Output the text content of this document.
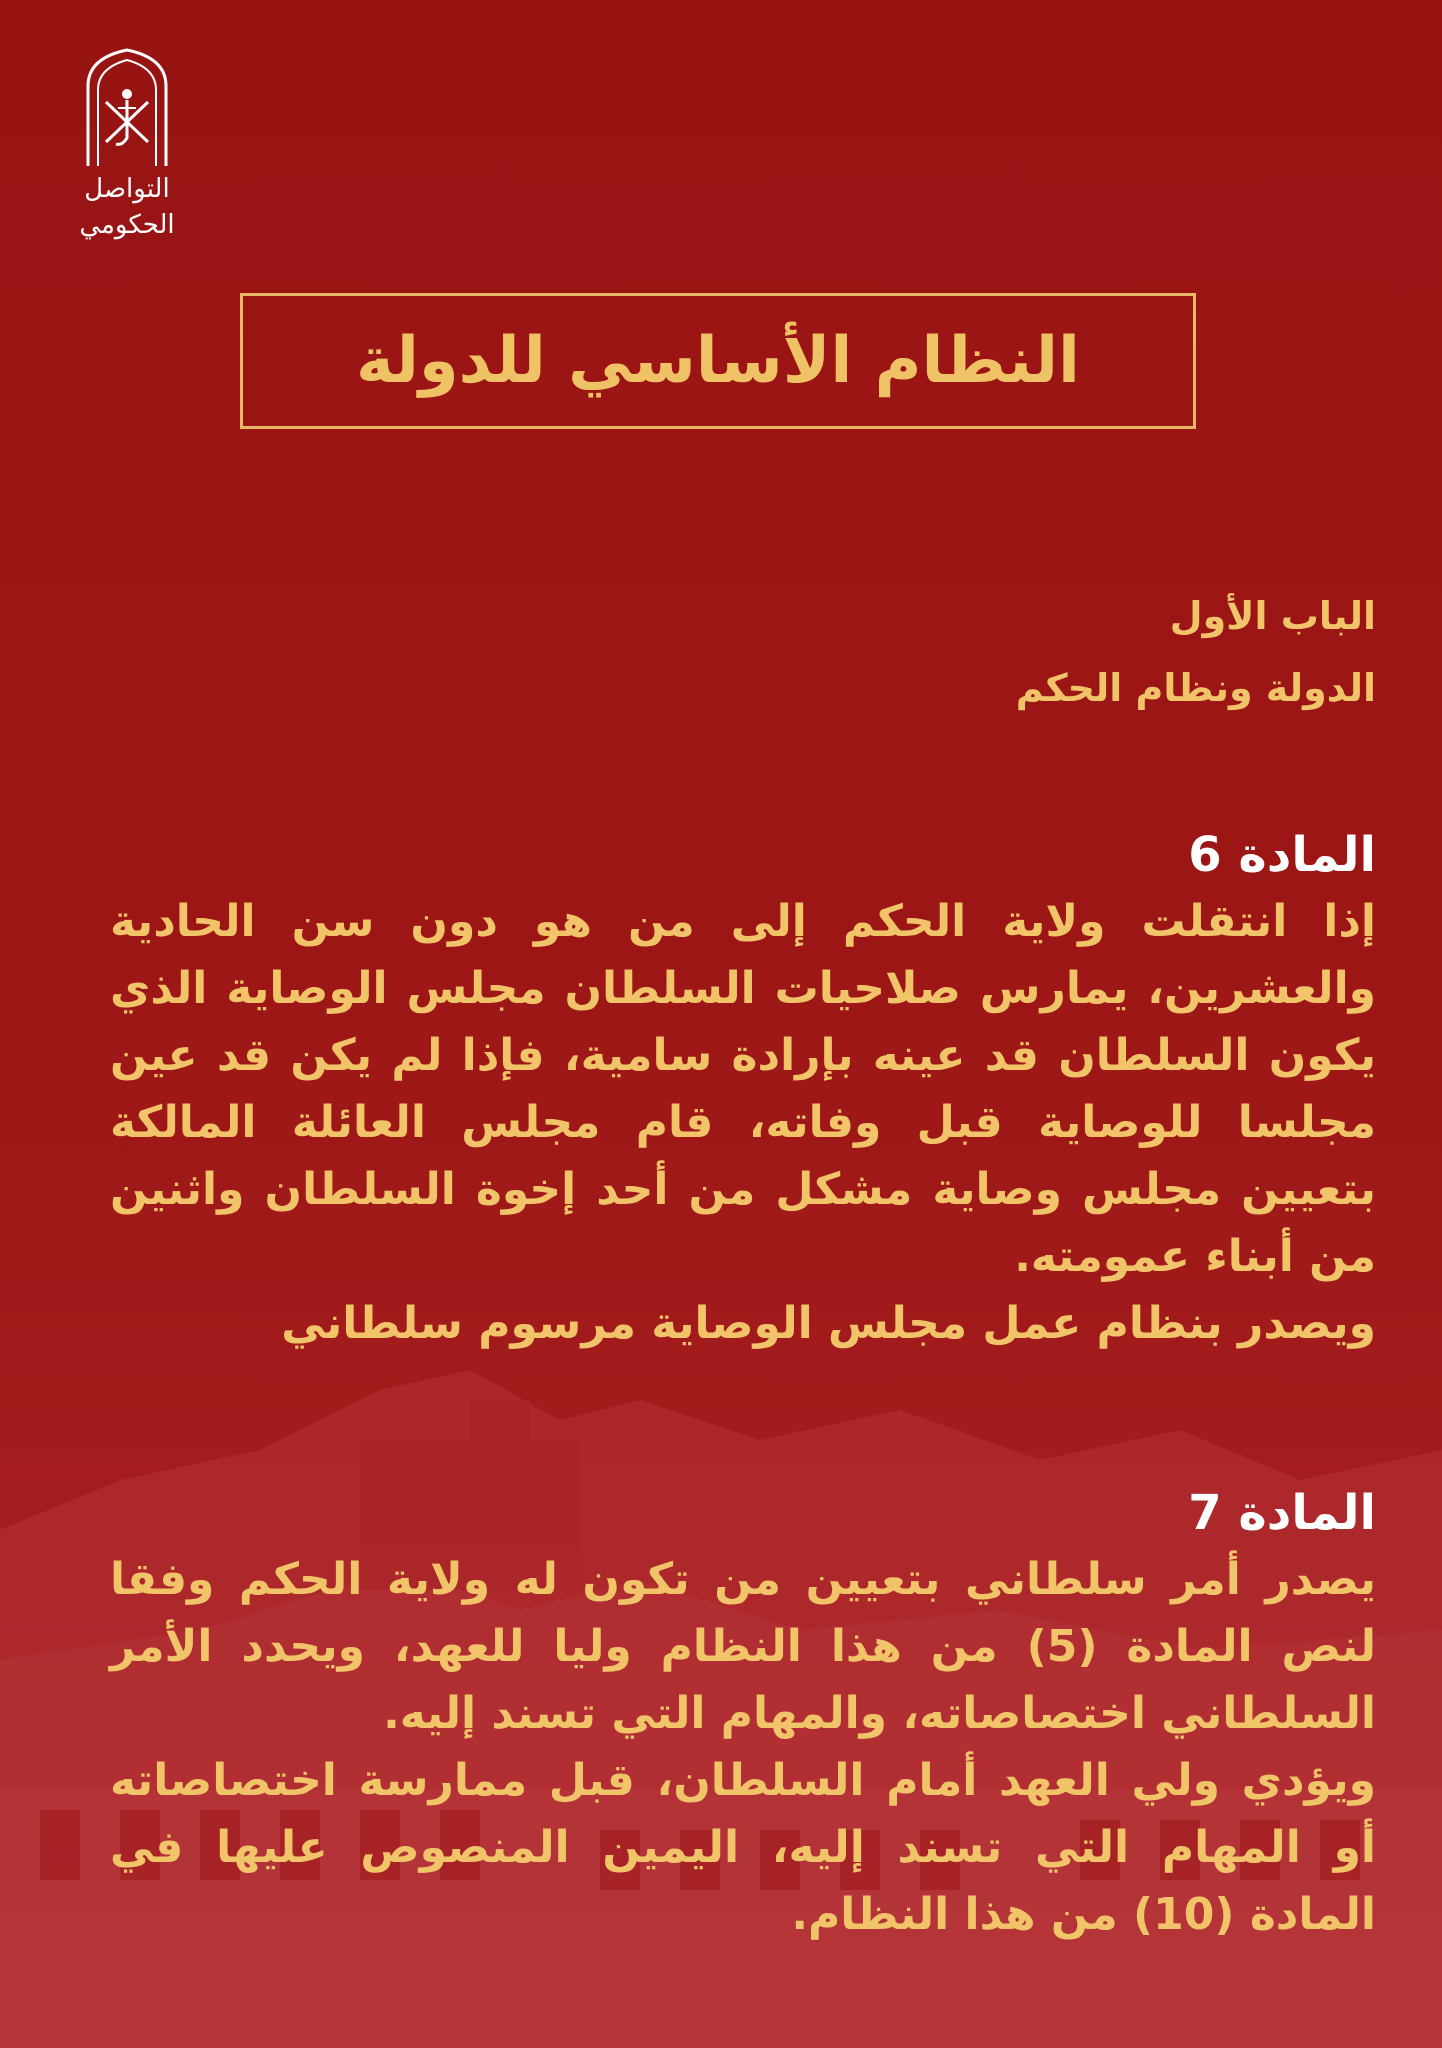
التواصل
الحكومي
النظام الأساسي للدولة
الباب الأول
الدولة ونظام الحكم
المادة 6

إذا انتقلت ولاية الحكم إلى من هو دون سن الحادية والعشرين، يمارس صلاحيات السلطان مجلس الوصاية الذي يكون السلطان قد عينه بإرادة سامية، فإذا لم يكن قد عين مجلسا للوصاية قبل وفاته، قام مجلس العائلة المالكة بتعيين مجلس وصاية مشكل من أحد إخوة السلطان واثنين من أبناء عمومته.

ويصدر بنظام عمل مجلس الوصاية مرسوم سلطاني

المادة 7

يصدر أمر سلطاني بتعيين من تكون له ولاية الحكم وفقا لنص المادة (5) من هذا النظام وليا للعهد، ويحدد الأمر السلطاني اختصاصاته، والمهام التي تسند إليه.

ويؤدي ولي العهد أمام السلطان، قبل ممارسة اختصاصاته أو المهام التي تسند إليه، اليمين المنصوص عليها في المادة (10) من هذا النظام.
